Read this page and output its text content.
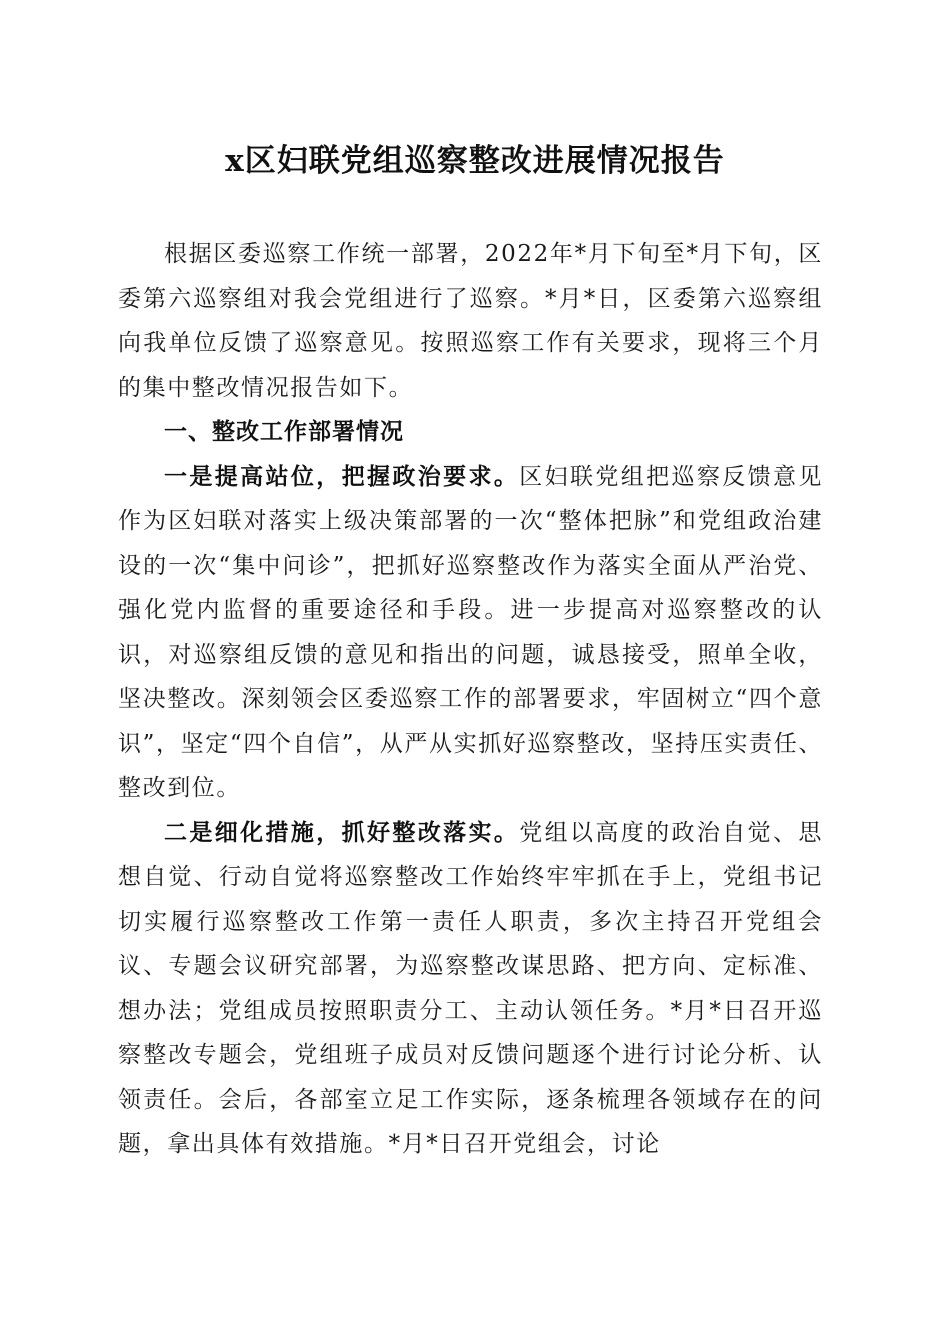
x区妇联党组巡察整改进展情况报告

根据区委巡察工作统一部署，2022年*月下旬至*月下旬，区委第六巡察组对我会党组进行了巡察。*月*日，区委第六巡察组向我单位反馈了巡察意见。按照巡察工作有关要求，现将三个月的集中整改情况报告如下。

一、整改工作部署情况

一是提高站位，把握政治要求。区妇联党组把巡察反馈意见作为区妇联对落实上级决策部署的一次“整体把脉”和党组政治建设的一次“集中问诊”，把抓好巡察整改作为落实全面从严治党、强化党内监督的重要途径和手段。进一步提高对巡察整改的认识，对巡察组反馈的意见和指出的问题，诚恳接受，照单全收，坚决整改。深刻领会区委巡察工作的部署要求，牢固树立“四个意识”，坚定“四个自信”，从严从实抓好巡察整改，坚持压实责任、整改到位。

二是细化措施，抓好整改落实。党组以高度的政治自觉、思想自觉、行动自觉将巡察整改工作始终牢牢抓在手上，党组书记切实履行巡察整改工作第一责任人职责，多次主持召开党组会议、专题会议研究部署，为巡察整改谋思路、把方向、定标准、想办法；党组成员按照职责分工、主动认领任务。*月*日召开巡察整改专题会，党组班子成员对反馈问题逐个进行讨论分析、认领责任。会后，各部室立足工作实际，逐条梳理各领域存在的问题，拿出具体有效措施。*月*日召开党组会，讨论
